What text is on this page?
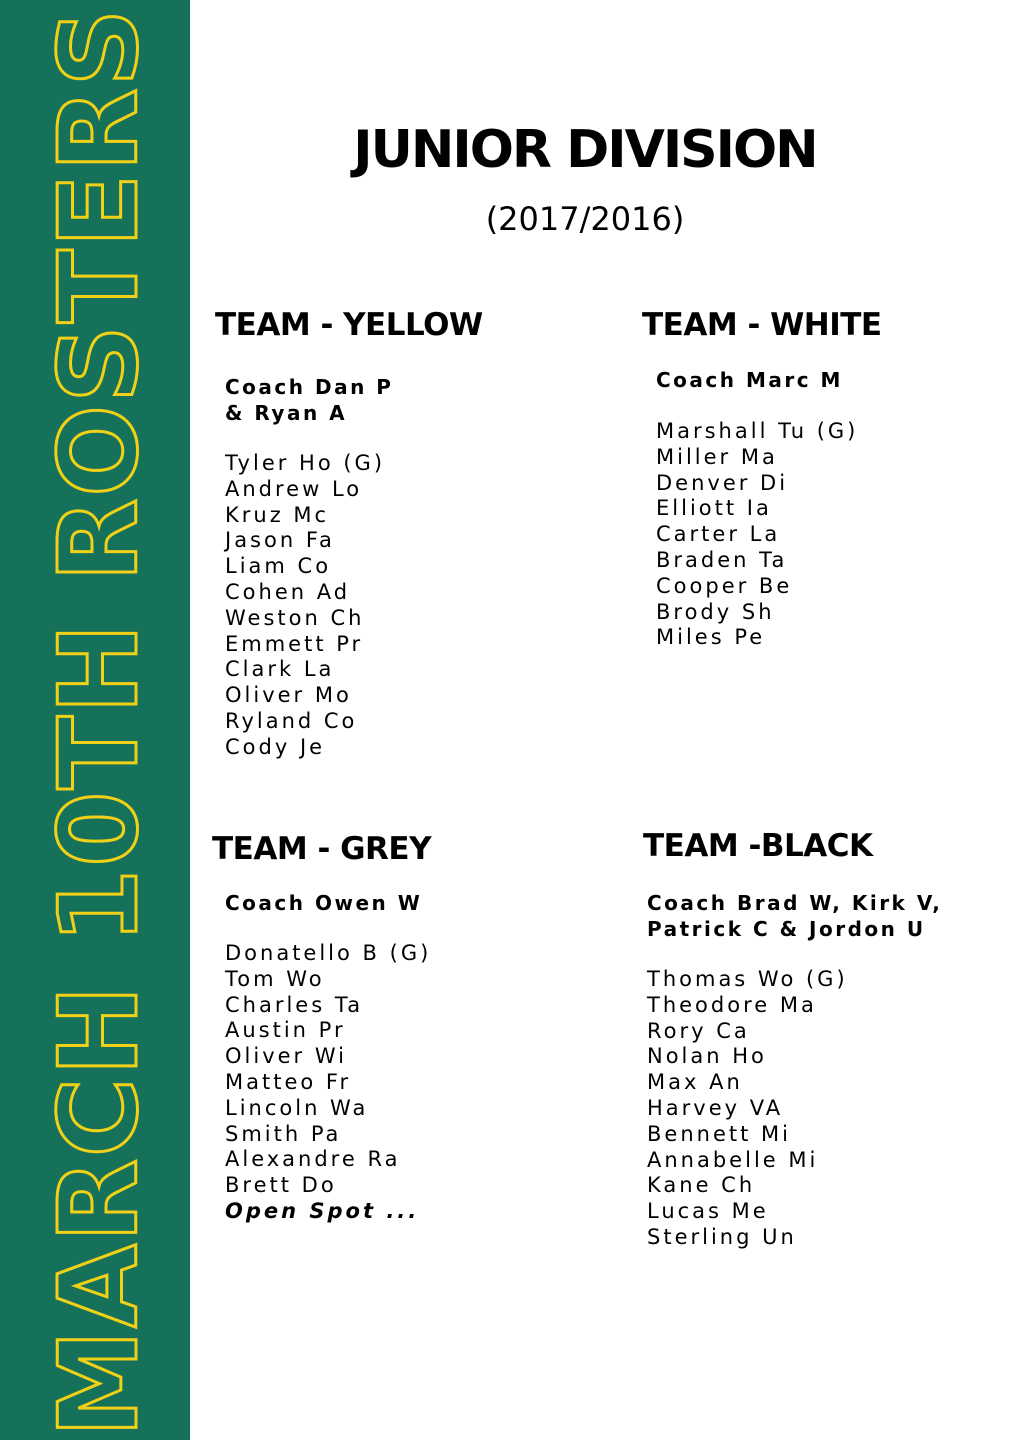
MARCH 10TH ROSTERS	JUNIOR DIVISION
(2017/2016)
TEAM - YELLOW
Coach Dan P
& Ryan A
Tyler Ho (G)
Andrew Lo
Kruz Mc
Jason Fa
Liam Co
Cohen Ad
Weston Ch
Emmett Pr
Clark La
Oliver Mo
Ryland Co
Cody Je
TEAM - WHITE
Coach Marc M
Marshall Tu (G)
Miller Ma
Denver Di
Elliott Ia
Carter La
Braden Ta
Cooper Be
Brody Sh
Miles Pe
TEAM - GREY
Coach Owen W
Donatello B (G)
Tom Wo
Charles Ta
Austin Pr
Oliver Wi
Matteo Fr
Lincoln Wa
Smith Pa
Alexandre Ra
Brett Do
Open Spot ...
TEAM -BLACK
Coach Brad W, Kirk V,
Patrick C & Jordon U
Thomas Wo (G)
Theodore Ma
Rory Ca
Nolan Ho
Max An
Harvey VA
Bennett Mi
Annabelle Mi
Kane Ch
Lucas Me
Sterling Un
